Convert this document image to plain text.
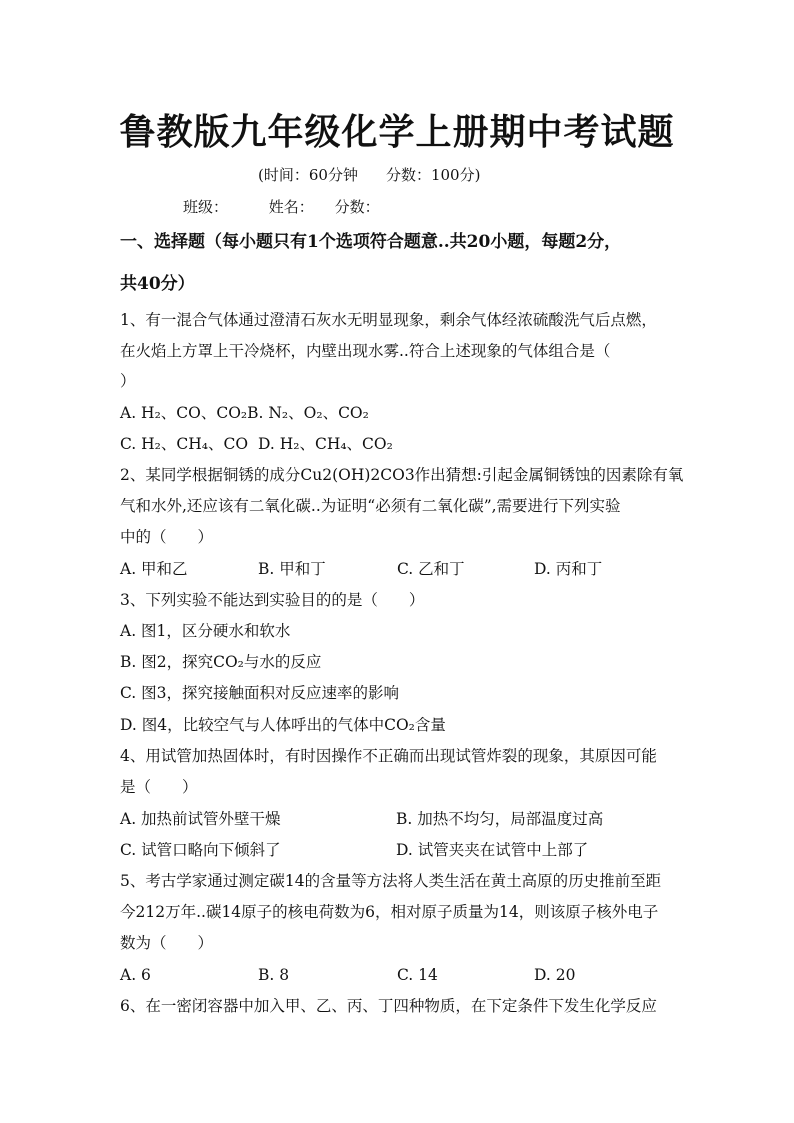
鲁教版九年级化学上册期中考试题
(时间：60分钟 分数：100分)
班级：	姓名： 分数：
一、选择题（每小题只有1个选项符合题意..共20小题，每题2分，
共40分）
1、有一混合气体通过澄清石灰水无明显现象，剩余气体经浓硫酸洗气后点燃，
在火焰上方罩上干冷烧杯，内壁出现水雾..符合上述现象的气体组合是（
）
A. H₂、CO、CO₂B. N₂、O₂、CO₂
C. H₂、CH₄、CO D. H₂、CH₄、CO₂
2、某同学根据铜锈的成分Cu2(OH)2CO3作出猜想:引起金属铜锈蚀的因素除有氧
气和水外,还应该有二氧化碳..为证明“必须有二氧化碳”,需要进行下列实验
中的（　　）
A. 甲和乙	B. 甲和丁	C. 乙和丁	D. 丙和丁
3、下列实验不能达到实验目的的是（　　）
A. 图1，区分硬水和软水
B. 图2，探究CO₂与水的反应
C. 图3，探究接触面积对反应速率的影响
D. 图4，比较空气与人体呼出的气体中CO₂含量
4、用试管加热固体时，有时因操作不正确而出现试管炸裂的现象，其原因可能
是（　　）
A. 加热前试管外壁干燥	B. 加热不均匀，局部温度过高
C. 试管口略向下倾斜了	D. 试管夹夹在试管中上部了
5、考古学家通过测定碳14的含量等方法将人类生活在黄土高原的历史推前至距
今212万年..碳14原子的核电荷数为6，相对原子质量为14，则该原子核外电子
数为（　　）
A. 6	B. 8	C. 14	D. 20
6、在一密闭容器中加入甲、乙、丙、丁四种物质，在下定条件下发生化学反应
